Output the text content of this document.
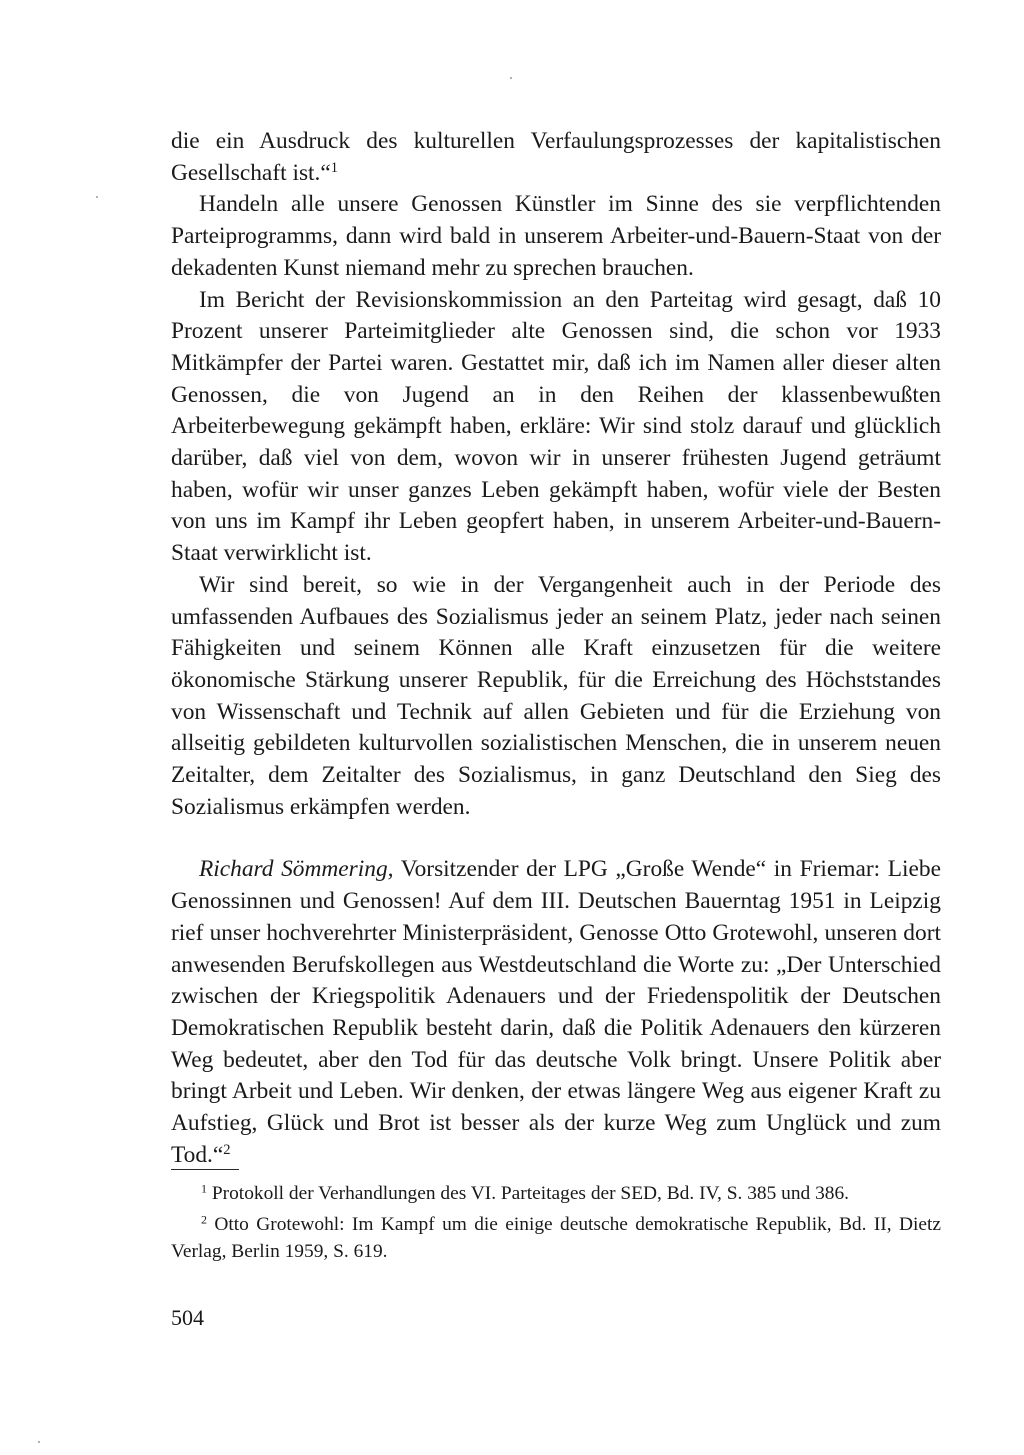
die ein Ausdruck des kulturellen Verfaulungsprozesses der kapitalistischen Gesellschaft ist.“$^1$

Handeln alle unsere Genossen Künstler im Sinne des sie verpflichtenden Parteiprogramms, dann wird bald in unserem Arbeiter-und-Bauern-Staat von der dekadenten Kunst niemand mehr zu sprechen brauchen.

Im Bericht der Revisionskommission an den Parteitag wird gesagt, daß 10 Prozent unserer Parteimitglieder alte Genossen sind, die schon vor 1933 Mitkämpfer der Partei waren. Gestattet mir, daß ich im Namen aller dieser alten Genossen, die von Jugend an in den Reihen der klassenbewußten Arbeiterbewegung gekämpft haben, erkläre: Wir sind stolz darauf und glücklich darüber, daß viel von dem, wovon wir in unserer frühesten Jugend geträumt haben, wofür wir unser ganzes Leben gekämpft haben, wofür viele der Besten von uns im Kampf ihr Leben geopfert haben, in unserem Arbeiter-und-Bauern-Staat verwirklicht ist.

Wir sind bereit, so wie in der Vergangenheit auch in der Periode des umfassenden Aufbaues des Sozialismus jeder an seinem Platz, jeder nach seinen Fähigkeiten und seinem Können alle Kraft einzusetzen für die weitere ökonomische Stärkung unserer Republik, für die Erreichung des Höchststandes von Wissenschaft und Technik auf allen Gebieten und für die Erziehung von allseitig gebildeten kulturvollen sozialistischen Menschen, die in unserem neuen Zeitalter, dem Zeitalter des Sozialismus, in ganz Deutschland den Sieg des Sozialismus erkämpfen werden.

Richard Sömmering, Vorsitzender der LPG „Große Wende“ in Friemar: Liebe Genossinnen und Genossen! Auf dem III. Deutschen Bauerntag 1951 in Leipzig rief unser hochverehrter Ministerpräsident, Genosse Otto Grotewohl, unseren dort anwesenden Berufskollegen aus Westdeutschland die Worte zu: „Der Unterschied zwischen der Kriegspolitik Adenauers und der Friedenspolitik der Deutschen Demokratischen Republik besteht darin, daß die Politik Adenauers den kürzeren Weg bedeutet, aber den Tod für das deutsche Volk bringt. Unsere Politik aber bringt Arbeit und Leben. Wir denken, der etwas längere Weg aus eigener Kraft zu Aufstieg, Glück und Brot ist besser als der kurze Weg zum Unglück und zum Tod.“$^2$

$^1$ Protokoll der Verhandlungen des VI. Parteitages der SED, Bd. IV, S. 385 und 386.

$^2$ Otto Grotewohl: Im Kampf um die einige deutsche demokratische Republik, Bd. II, Dietz Verlag, Berlin 1959, S. 619.

504
